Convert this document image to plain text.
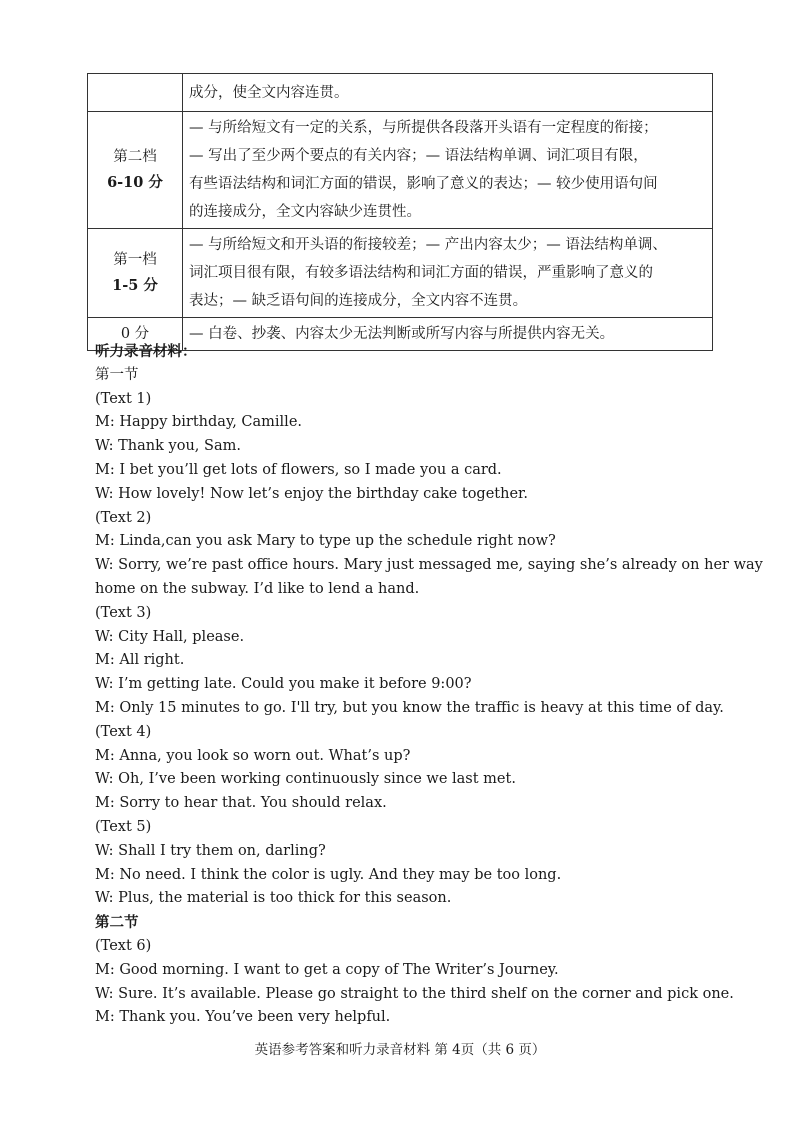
	成分，使全文内容连贯。

第二档
6-10 分	— 与所给短文有一定的关系，与所提供各段落开头语有一定程度的衔接；
— 写出了至少两个要点的有关内容；— 语法结构单调、词汇项目有限，
有些语法结构和词汇方面的错误，影响了意义的表达；— 较少使用语句间
的连接成分，全文内容缺少连贯性。

第一档
1-5 分	— 与所给短文和开头语的衔接较差；— 产出内容太少；— 语法结构单调、
词汇项目很有限，有较多语法结构和词汇方面的错误，严重影响了意义的
表达；— 缺乏语句间的连接成分，全文内容不连贯。

0 分	— 白卷、抄袭、内容太少无法判断或所写内容与所提供内容无关。
听力录音材料：
第一节
(Text 1)
M: Happy birthday, Camille.
W: Thank you, Sam.
M: I bet you’ll get lots of flowers, so I made you a card.
W: How lovely! Now let’s enjoy the birthday cake together.
(Text 2)
M: Linda,can you ask Mary to type up the schedule right now?
W: Sorry, we’re past office hours. Mary just messaged me, saying she’s already on her way
home on the subway. I’d like to lend a hand.
(Text 3)
W: City Hall, please.
M: All right.
W: I’m getting late. Could you make it before 9:00?
M: Only 15 minutes to go. I'll try, but you know the traffic is heavy at this time of day.
(Text 4)
M: Anna, you look so worn out. What’s up?
W: Oh, I’ve been working continuously since we last met.
M: Sorry to hear that. You should relax.
(Text 5)
W: Shall I try them on, darling?
M: No need. I think the color is ugly. And they may be too long.
W: Plus, the material is too thick for this season.
第二节
(Text 6)
M: Good morning. I want to get a copy of The Writer’s Journey.
W: Sure. It’s available. Please go straight to the third shelf on the corner and pick one.
M: Thank you. You’ve been very helpful.
英语参考答案和听力录音材料 第 4页（共 6 页）
